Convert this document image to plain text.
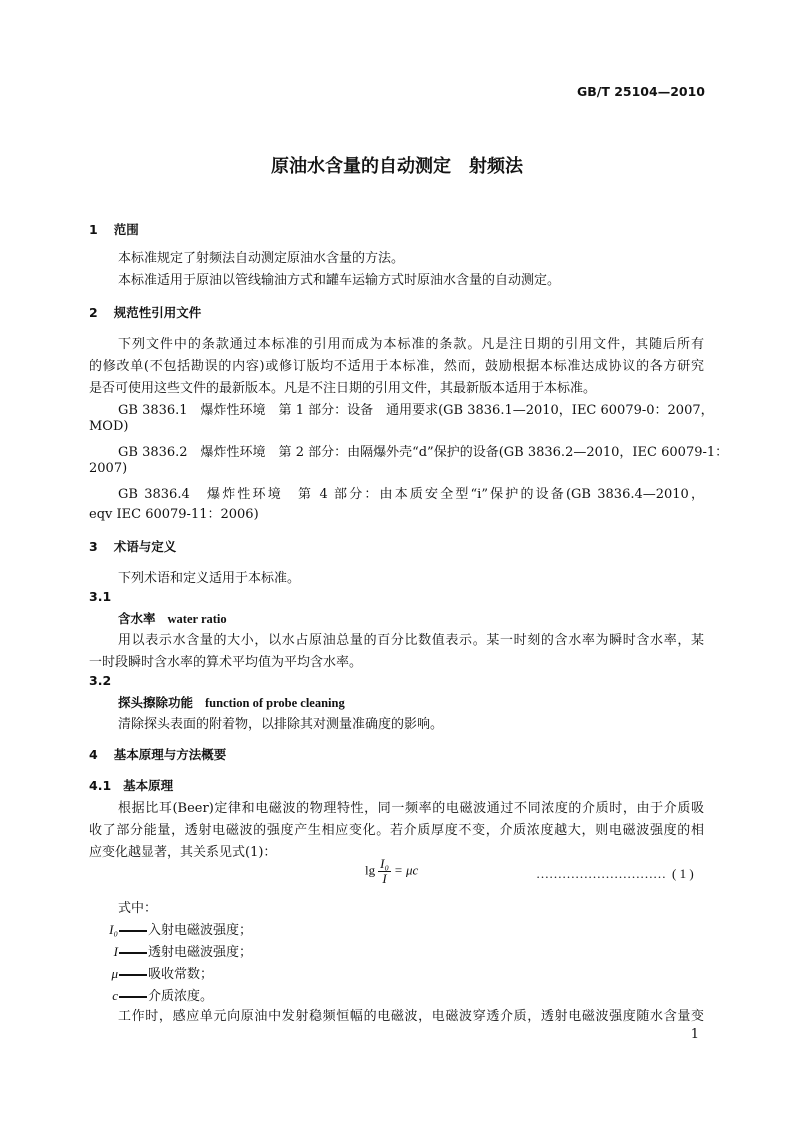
GB/T 25104—2010
原油水含量的自动测定　射频法
1 范围
本标准规定了射频法自动测定原油水含量的方法。
本标准适用于原油以管线输油方式和罐车运输方式时原油水含量的自动测定。
2 规范性引用文件
下列文件中的条款通过本标准的引用而成为本标准的条款。凡是注日期的引用文件，其随后所有
的修改单(不包括勘误的内容)或修订版均不适用于本标准，然而，鼓励根据本标准达成协议的各方研究
是否可使用这些文件的最新版本。凡是不注日期的引用文件，其最新版本适用于本标准。
GB 3836.1　爆炸性环境　第 1 部分：设备　通用要求(GB 3836.1—2010，IEC 60079-0：2007，
MOD)
GB 3836.2　爆炸性环境　第 2 部分：由隔爆外壳“d”保护的设备(GB 3836.2—2010，IEC 60079-1：
2007)
GB 3836.4　爆炸性环境　第 4 部分：由本质安全型“i”保护的设备(GB 3836.4—2010，
eqv IEC 60079-11：2006)
3 术语与定义
下列术语和定义适用于本标准。
3.1
含水率 water ratio
用以表示水含量的大小，以水占原油总量的百分比数值表示。某一时刻的含水率为瞬时含水率，某
一时段瞬时含水率的算术平均值为平均含水率。
3.2
探头擦除功能 function of probe cleaning
清除探头表面的附着物，以排除其对测量准确度的影响。
4 基本原理与方法概要
4.1 基本原理
根据比耳(Beer)定律和电磁波的物理特性，同一频率的电磁波通过不同浓度的介质时，由于介质吸
收了部分能量，透射电磁波的强度产生相应变化。若介质厚度不变，介质浓度越大，则电磁波强度的相
应变化越显著，其关系见式(1)：
$\lg \frac{\text{I₀}}{I} = \mu c$	………………………… ( 1 )
式中：
I₀ 入射电磁波强度；
I 透射电磁波强度；
μ 吸收常数；
c 介质浓度。
工作时，感应单元向原油中发射稳频恒幅的电磁波，电磁波穿透介质，透射电磁波强度随水含量变
1
